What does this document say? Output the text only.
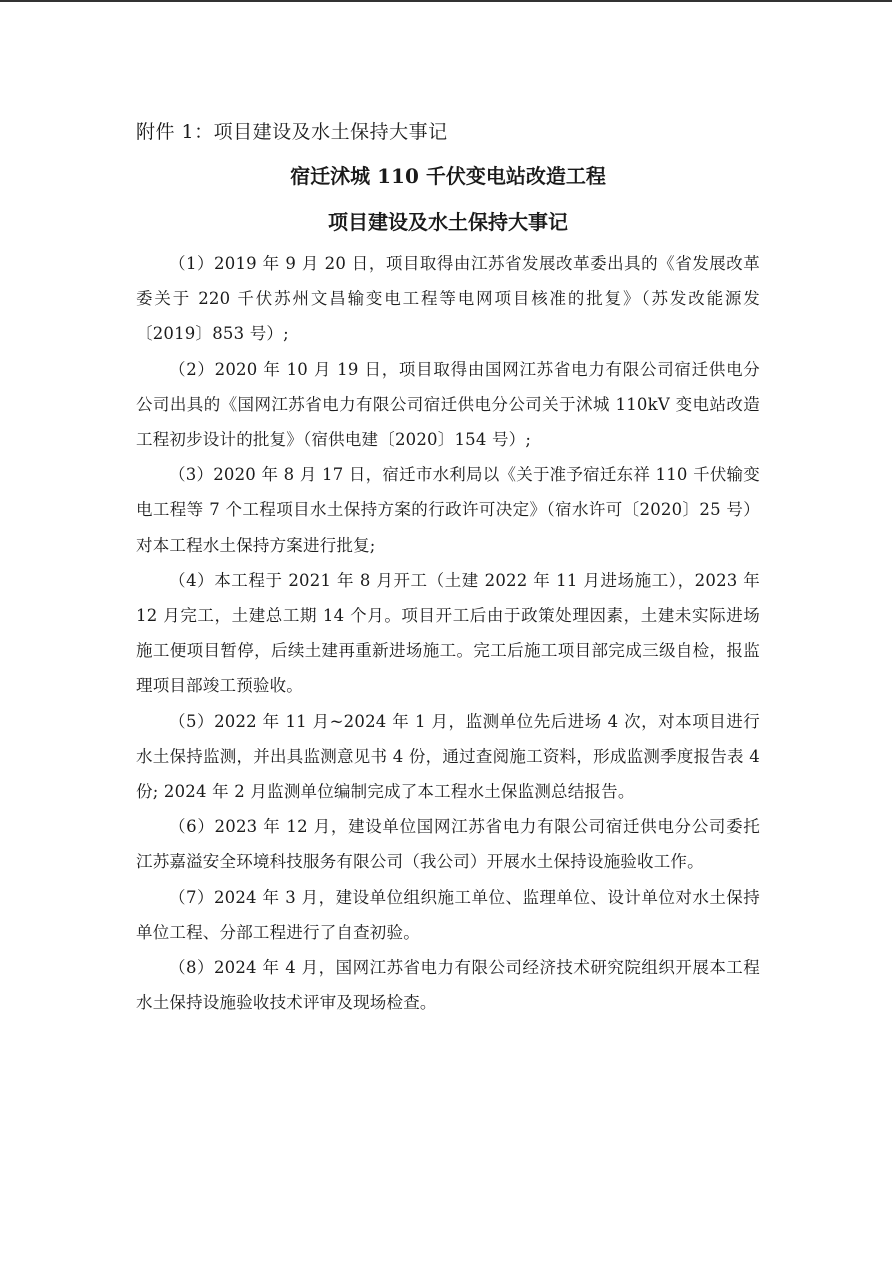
附件 1：项目建设及水土保持大事记

宿迁沭城 110 千伏变电站改造工程
项目建设及水土保持大事记

（1）2019 年 9 月 20 日，项目取得由江苏省发展改革委出具的《省发展改革委关于 220 千伏苏州文昌输变电工程等电网项目核准的批复》（苏发改能源发〔2019〕853 号）;

（2）2020 年 10 月 19 日，项目取得由国网江苏省电力有限公司宿迁供电分公司出具的《国网江苏省电力有限公司宿迁供电分公司关于沭城 110kV 变电站改造工程初步设计的批复》（宿供电建〔2020〕154 号）;

（3）2020 年 8 月 17 日，宿迁市水利局以《关于准予宿迁东祥 110 千伏输变电工程等 7 个工程项目水土保持方案的行政许可决定》（宿水许可〔2020〕25 号）对本工程水土保持方案进行批复;

（4）本工程于 2021 年 8 月开工（土建 2022 年 11 月进场施工），2023 年 12 月完工，土建总工期 14 个月。项目开工后由于政策处理因素，土建未实际进场施工便项目暂停，后续土建再重新进场施工。完工后施工项目部完成三级自检，报监理项目部竣工预验收。

（5）2022 年 11 月~2024 年 1 月，监测单位先后进场 4 次，对本项目进行水土保持监测，并出具监测意见书 4 份，通过查阅施工资料，形成监测季度报告表 4 份; 2024 年 2 月监测单位编制完成了本工程水土保监测总结报告。

（6）2023 年 12 月，建设单位国网江苏省电力有限公司宿迁供电分公司委托江苏嘉溢安全环境科技服务有限公司（我公司）开展水土保持设施验收工作。

（7）2024 年 3 月，建设单位组织施工单位、监理单位、设计单位对水土保持单位工程、分部工程进行了自查初验。

（8）2024 年 4 月，国网江苏省电力有限公司经济技术研究院组织开展本工程水土保持设施验收技术评审及现场检查。
